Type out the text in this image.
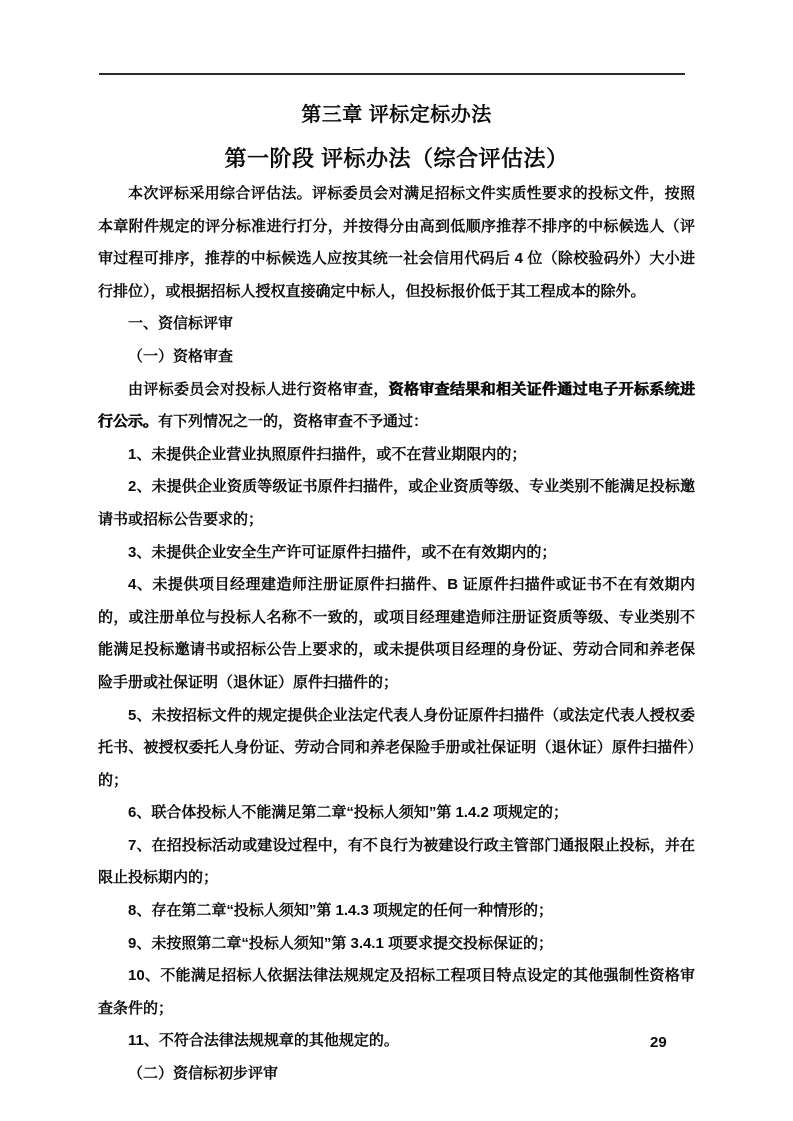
第三章 评标定标办法
第一阶段 评标办法（综合评估法）

本次评标采用综合评估法。评标委员会对满足招标文件实质性要求的投标文件，按照本章附件规定的评分标准进行打分，并按得分由高到低顺序推荐不排序的中标候选人（评审过程可排序，推荐的中标候选人应按其统一社会信用代码后 4 位（除校验码外）大小进行排位），或根据招标人授权直接确定中标人，但投标报价低于其工程成本的除外。

一、资信标评审

（一）资格审查

由评标委员会对投标人进行资格审查，资格审查结果和相关证件通过电子开标系统进行公示。有下列情况之一的，资格审查不予通过：

1、未提供企业营业执照原件扫描件，或不在营业期限内的；

2、未提供企业资质等级证书原件扫描件，或企业资质等级、专业类别不能满足投标邀请书或招标公告要求的；

3、未提供企业安全生产许可证原件扫描件，或不在有效期内的；

4、未提供项目经理建造师注册证原件扫描件、B 证原件扫描件或证书不在有效期内的，或注册单位与投标人名称不一致的，或项目经理建造师注册证资质等级、专业类别不能满足投标邀请书或招标公告上要求的，或未提供项目经理的身份证、劳动合同和养老保险手册或社保证明（退休证）原件扫描件的；

5、未按招标文件的规定提供企业法定代表人身份证原件扫描件（或法定代表人授权委托书、被授权委托人身份证、劳动合同和养老保险手册或社保证明（退休证）原件扫描件）的；

6、联合体投标人不能满足第二章“投标人须知”第 1.4.2 项规定的；

7、在招投标活动或建设过程中，有不良行为被建设行政主管部门通报限止投标，并在限止投标期内的；

8、存在第二章“投标人须知”第 1.4.3 项规定的任何一种情形的；

9、未按照第二章“投标人须知”第 3.4.1 项要求提交投标保证的；

10、不能满足招标人依据法律法规规定及招标工程项目特点设定的其他强制性资格审查条件的；

11、不符合法律法规规章的其他规定的。

（二）资信标初步评审

29
